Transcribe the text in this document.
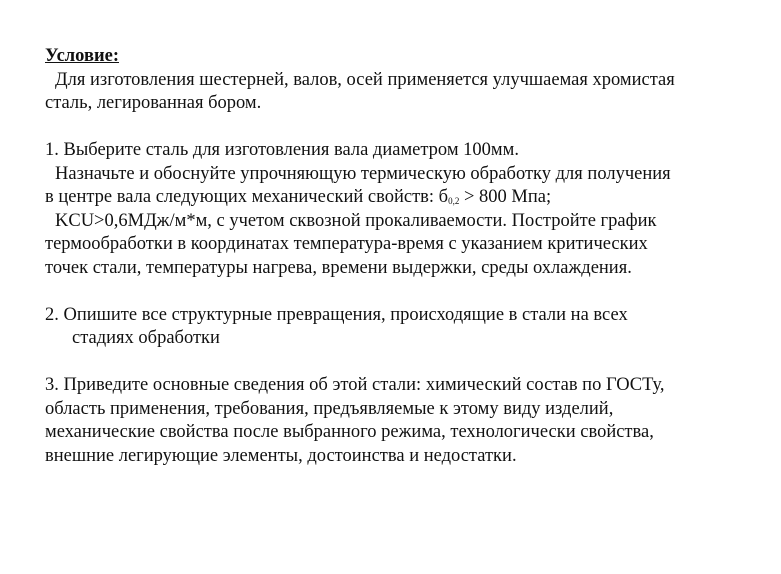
Условие:
Для изготовления шестерней, валов, осей применяется улучшаемая хромистая
сталь, легированная бором.
1. Выберите сталь для изготовления вала диаметром 100мм.
Назначьте и обоснуйте упрочняющую термическую обработку для получения
в центре вала следующих механический свойств: $б_{0,2} > 800$ Мпа;
KCU>0,6МДж/м*м, с учетом сквозной прокаливаемости. Постройте график
термообработки в координатах температура-время с указанием критических
точек стали, температуры нагрева, времени выдержки, среды охлаждения.
2. Опишите все структурные превращения, происходящие в стали на всех
стадиях обработки
3. Приведите основные сведения об этой стали: химический состав по ГОСТу,
область применения, требования, предъявляемые к этому виду изделий,
механические свойства после выбранного режима, технологически свойства,
внешние легирующие элементы, достоинства и недостатки.
